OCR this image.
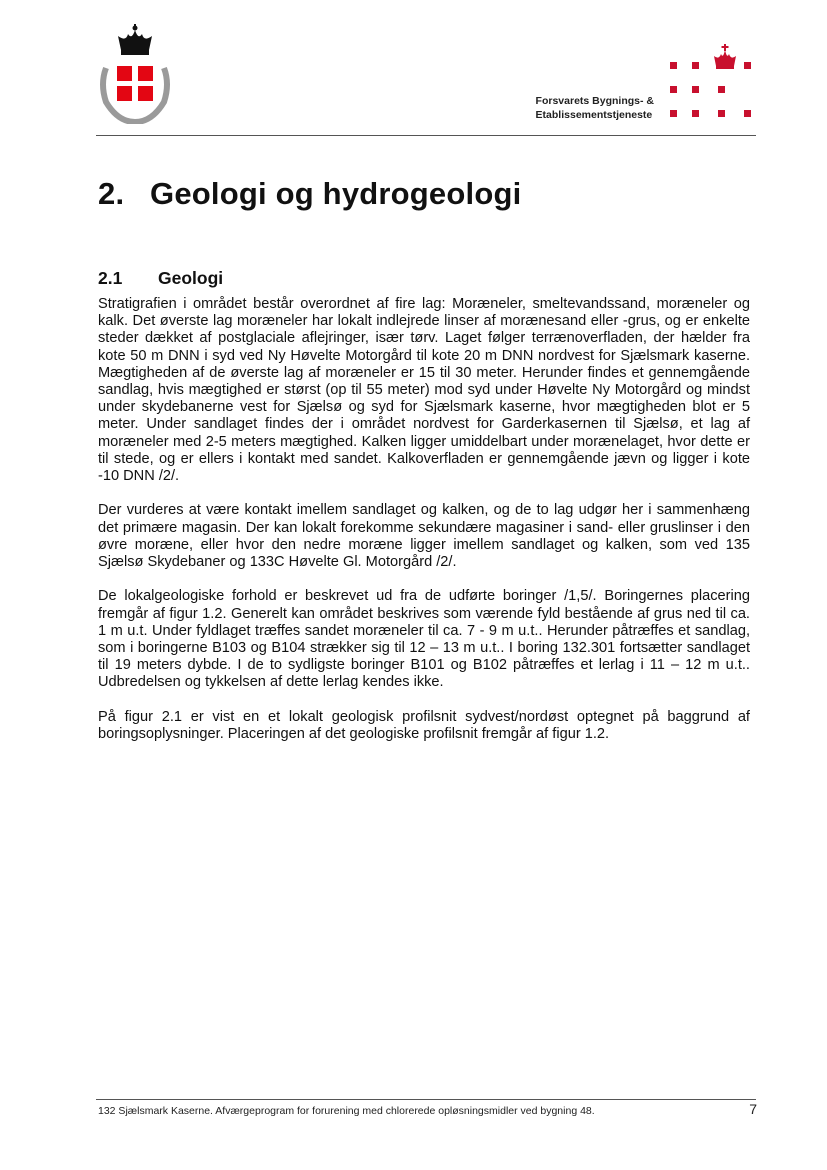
Forsvarets Bygnings- &
Etablissementstjeneste
2. Geologi og hydrogeologi
2.1 Geologi

Stratigrafien i området består overordnet af fire lag: Moræneler, smeltevandssand, moræneler og kalk. Det øverste lag moræneler har lokalt indlejrede linser af morænesand eller -grus, og er enkelte steder dækket af postglaciale aflejringer, især tørv. Laget følger terrænoverfladen, der hælder fra kote 50 m DNN i syd ved Ny Høvelte Motorgård til kote 20 m DNN nordvest for Sjælsmark kaserne. Mægtigheden af de øverste lag af moræneler er 15 til 30 meter. Herunder findes et gennemgående sandlag, hvis mægtighed er størst (op til 55 meter) mod syd under Høvelte Ny Motorgård og mindst under skydebanerne vest for Sjælsø og syd for Sjælsmark kaserne, hvor mægtigheden blot er 5 meter. Under sandlaget findes der i området nordvest for Garderkasernen til Sjælsø, et lag af moræneler med 2-5 meters mægtighed. Kalken ligger umiddelbart under morænelaget, hvor dette er til stede, og er ellers i kontakt med sandet. Kalkoverfladen er gennemgående jævn og ligger i kote -10 DNN /2/.

Der vurderes at være kontakt imellem sandlaget og kalken, og de to lag udgør her i sammenhæng det primære magasin. Der kan lokalt forekomme sekundære magasiner i sand- eller gruslinser i den øvre moræne, eller hvor den nedre moræne ligger imellem sandlaget og kalken, som ved 135 Sjælsø Skydebaner og 133C Høvelte Gl. Motorgård /2/.

De lokalgeologiske forhold er beskrevet ud fra de udførte boringer /1,5/. Boringernes placering fremgår af figur 1.2. Generelt kan området beskrives som værende fyld bestående af grus ned til ca. 1 m u.t. Under fyldlaget træffes sandet moræneler til ca. 7 - 9 m u.t.. Herunder påtræffes et sandlag, som i boringerne B103 og B104 strækker sig til 12 – 13 m u.t.. I boring 132.301 fortsætter sandlaget til 19 meters dybde. I de to sydligste boringer B101 og B102 påtræffes et lerlag i 11 – 12 m u.t.. Udbredelsen og tykkelsen af dette lerlag kendes ikke.

På figur 2.1 er vist en et lokalt geologisk profilsnit sydvest/nordøst optegnet på baggrund af boringsoplysninger. Placeringen af det geologiske profilsnit fremgår af figur 1.2.

132 Sjælsmark Kaserne. Afværgeprogram for forurening med chlorerede opløsningsmidler ved bygning 48.	7
